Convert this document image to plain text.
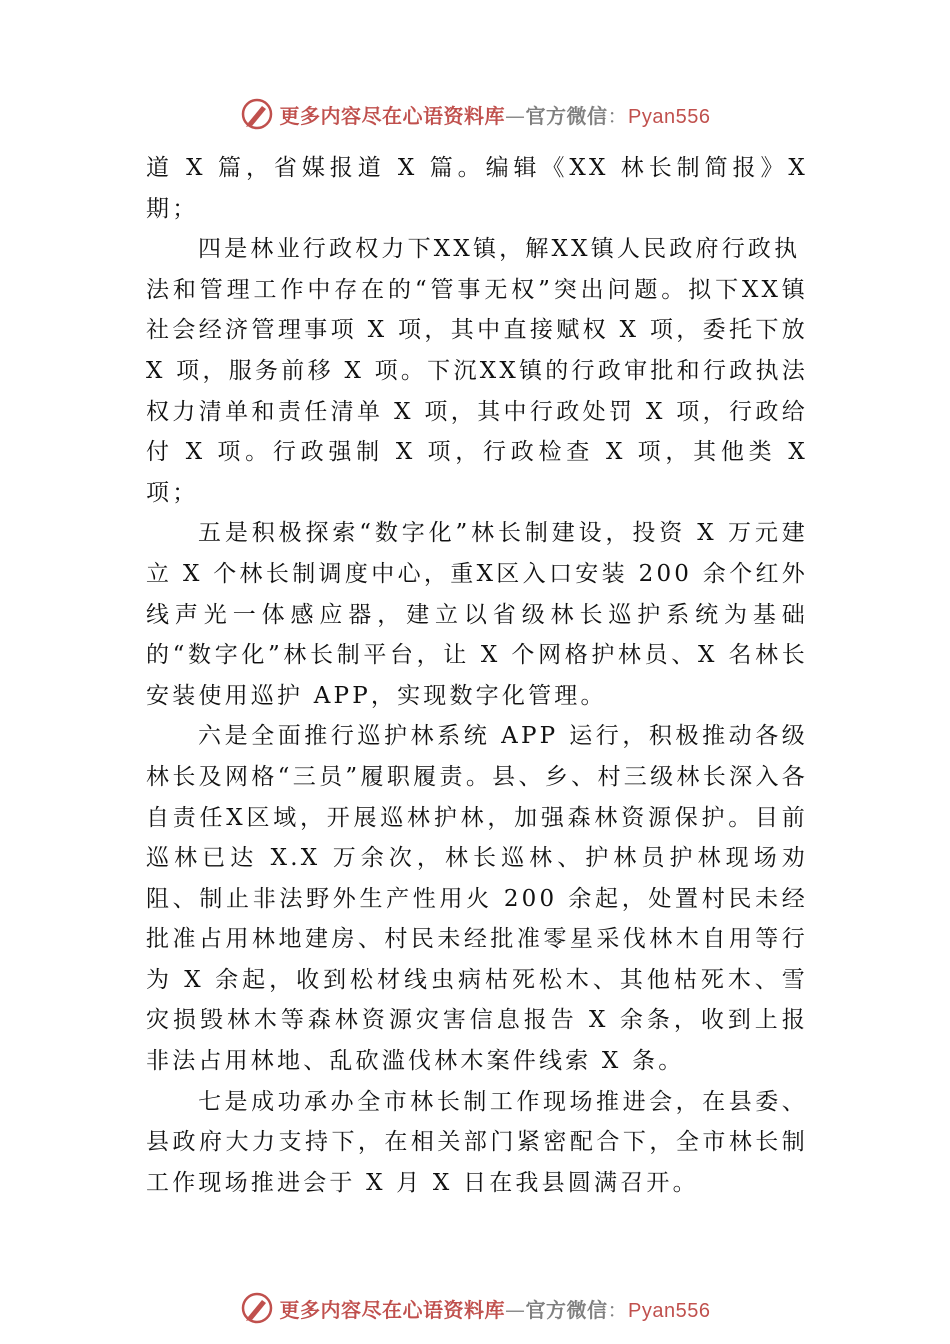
更多内容尽在心语资料库—官方微信：Pyan556

道 X 篇，省媒报道 X 篇。编辑《XX 林长制简报》X 期；

四是林业行政权力下XX镇，解XX镇人民政府行政执
法和管理工作中存在的“管事无权”突出问题。拟下XX镇社会经济管理事项 X 项，其中直接赋权 X 项，委托下放 X 项，服务前移 X 项。下沉XX镇的行政审批和行政执法权力清单和责任清单 X 项，其中行政处罚 X 项，行政给付 X 项。行政强制 X 项，行政检查 X 项，其他类 X 项；

五是积极探索“数字化”林长制建设，投资 X 万元建立 X 个林长制调度中心，重X区入口安装 200 余个红外线声光一体感应器，建立以省级林长巡护系统为基础的“数字化”林长制平台，让 X 个网格护林员、X 名林长安装使用巡护 APP，实现数字化管理。

六是全面推行巡护林系统 APP 运行，积极推动各级林长及网格“三员”履职履责。县、乡、村三级林长深入各自责任X区域，开展巡林护林，加强森林资源保护。目前巡林已达 X.X 万余次，林长巡林、护林员护林现场劝阻、制止非法野外生产性用火 200 余起，处置村民未经批准占用林地建房、村民未经批准零星采伐林木自用等行为 X 余起，收到松材线虫病枯死松木、其他枯死木、雪灾损毁林木等森林资源灾害信息报告 X 余条，收到上报非法占用林地、乱砍滥伐林木案件线索 X 条。

七是成功承办全市林长制工作现场推进会，在县委、县政府大力支持下，在相关部门紧密配合下，全市林长制工作现场推进会于 X 月 X 日在我县圆满召开。

更多内容尽在心语资料库—官方微信：Pyan556
